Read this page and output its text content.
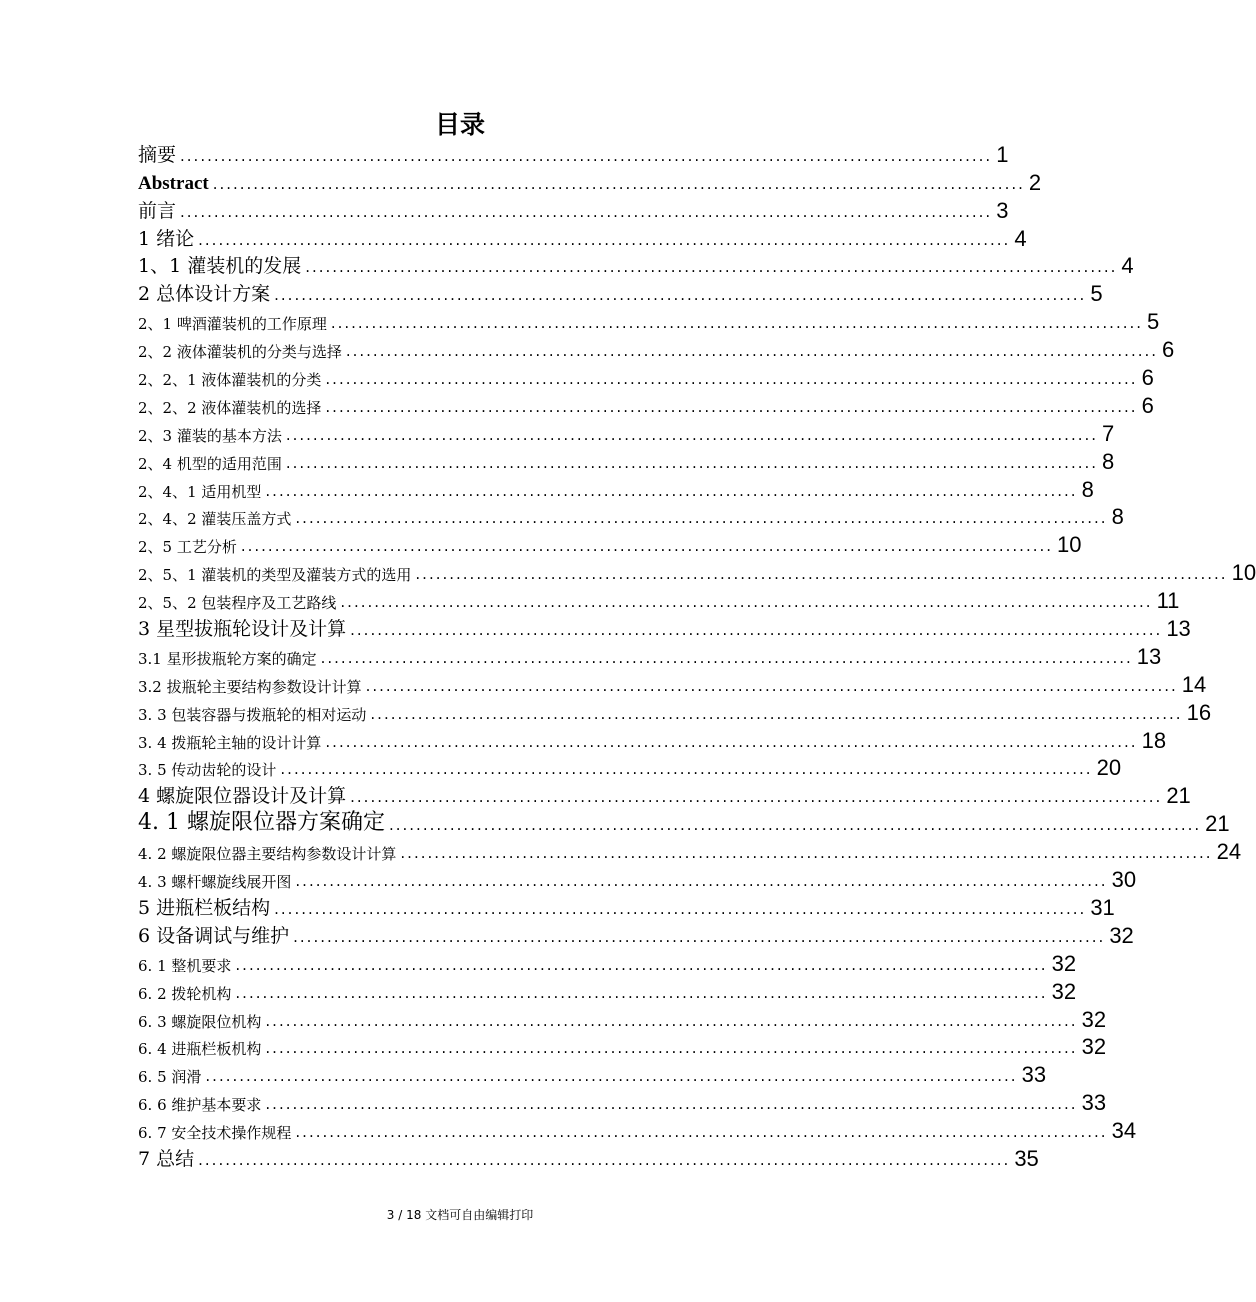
目录
摘要 ........................................................................................................................ 1
Abstract ........................................................................................................................ 2
前言 ........................................................................................................................ 3
1 绪论 ........................................................................................................................ 4
1、1 灌装机的发展 ........................................................................................................................ 4
2 总体设计方案 ........................................................................................................................ 5
2、1 啤酒灌装机的工作原理 ........................................................................................................................ 5
2、2 液体灌装机的分类与选择 ........................................................................................................................ 6
2、2、1 液体灌装机的分类 ........................................................................................................................ 6
2、2、2 液体灌装机的选择 ........................................................................................................................ 6
2、3 灌装的基本方法 ........................................................................................................................ 7
2、4 机型的适用范围 ........................................................................................................................ 8
2、4、1 适用机型 ........................................................................................................................ 8
2、4、2 灌装压盖方式 ........................................................................................................................ 8
2、5 工艺分析 ........................................................................................................................ 10
2、5、1 灌装机的类型及灌装方式的选用 ........................................................................................................................ 10
2、5、2 包装程序及工艺路线 ........................................................................................................................ 11
3 星型拔瓶轮设计及计算 ........................................................................................................................ 13
3.1 星形拔瓶轮方案的确定 ........................................................................................................................ 13
3.2 拔瓶轮主要结构参数设计计算 ........................................................................................................................ 14
3. 3 包装容器与拨瓶轮的相对运动 ........................................................................................................................ 16
3. 4 拨瓶轮主轴的设计计算 ........................................................................................................................ 18
3. 5 传动齿轮的设计 ........................................................................................................................ 20
4 螺旋限位器设计及计算 ........................................................................................................................ 21
4. 1 螺旋限位器方案确定 ........................................................................................................................ 21
4. 2 螺旋限位器主要结构参数设计计算 ........................................................................................................................ 24
4. 3 螺杆螺旋线展开图 ........................................................................................................................ 30
5 进瓶栏板结构 ........................................................................................................................ 31
6 设备调试与维护 ........................................................................................................................ 32
6. 1 整机要求 ........................................................................................................................ 32
6. 2 拨轮机构 ........................................................................................................................ 32
6. 3 螺旋限位机构 ........................................................................................................................ 32
6. 4 进瓶栏板机构 ........................................................................................................................ 32
6. 5 润滑 ........................................................................................................................ 33
6. 6 维护基本要求 ........................................................................................................................ 33
6. 7 安全技术操作规程 ........................................................................................................................ 34
7 总结 ........................................................................................................................ 35
3 / 18 文档可自由编辑打印
